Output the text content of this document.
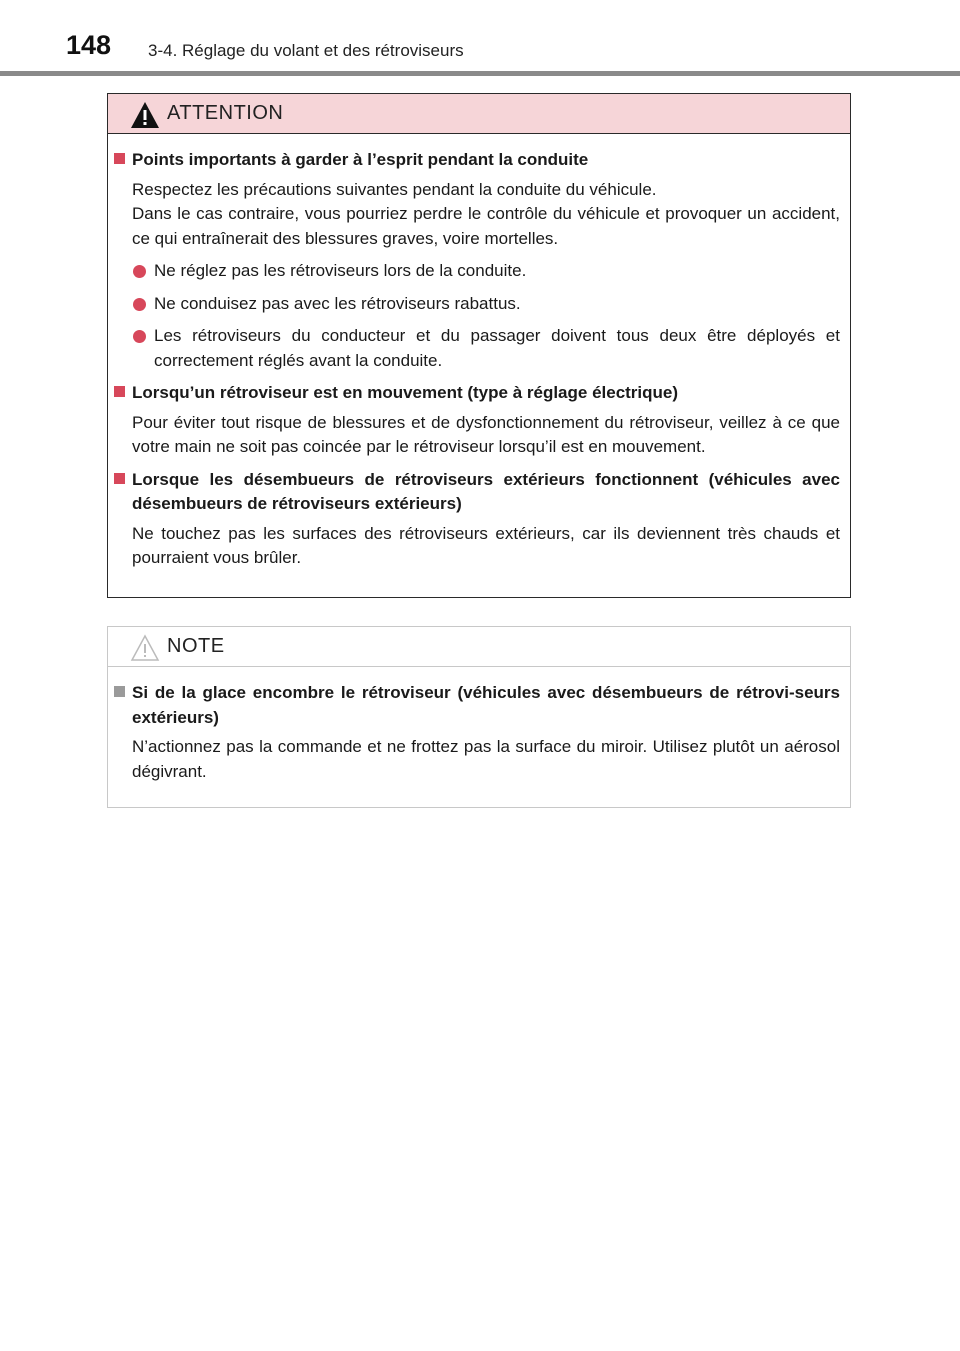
148 3-4. Réglage du volant et des rétroviseurs
ATTENTION
Points importants à garder à l’esprit pendant la conduite
Respectez les précautions suivantes pendant la conduite du véhicule.
Dans le cas contraire, vous pourriez perdre le contrôle du véhicule et provoquer un accident, ce qui entraînerait des blessures graves, voire mortelles.
Ne réglez pas les rétroviseurs lors de la conduite.
Ne conduisez pas avec les rétroviseurs rabattus.
Les rétroviseurs du conducteur et du passager doivent tous deux être déployés et correctement réglés avant la conduite.
Lorsqu’un rétroviseur est en mouvement (type à réglage électrique)
Pour éviter tout risque de blessures et de dysfonctionnement du rétroviseur, veillez à ce que votre main ne soit pas coincée par le rétroviseur lorsqu’il est en mouvement.
Lorsque les désembueurs de rétroviseurs extérieurs fonctionnent (véhicules avec désembueurs de rétroviseurs extérieurs)
Ne touchez pas les surfaces des rétroviseurs extérieurs, car ils deviennent très chauds et pourraient vous brûler.
NOTE
Si de la glace encombre le rétroviseur (véhicules avec désembueurs de rétrovi-seurs extérieurs)
N’actionnez pas la commande et ne frottez pas la surface du miroir. Utilisez plutôt un aérosol dégivrant.
